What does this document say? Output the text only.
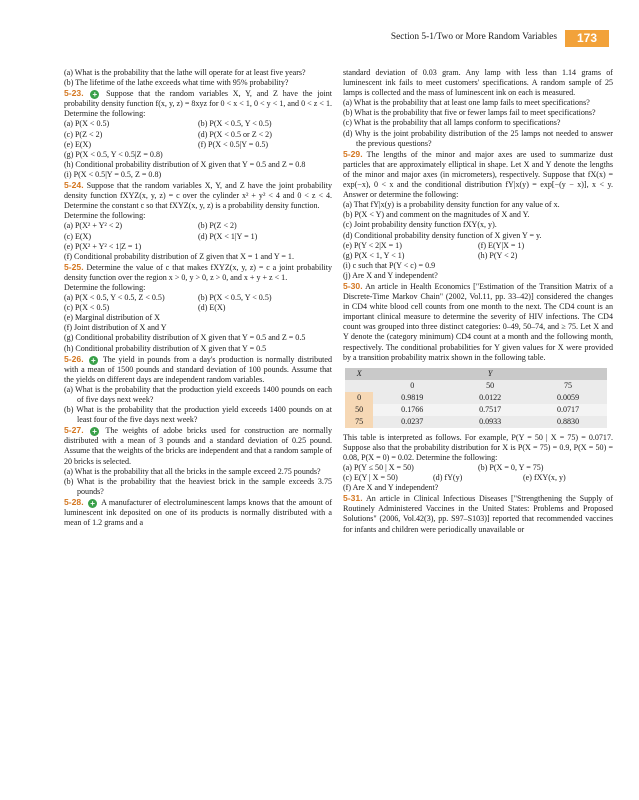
Section 5-1/Two or More Random Variables	173

(a) What is the probability that the lathe will operate for at least five years?

(b) The lifetime of the lathe exceeds what time with 95% probability?

5-23. + Suppose that the random variables X, Y, and Z have the joint probability density function f(x, y, z) = 8xyz for 0 < x < 1, 0 < y < 1, and 0 < z < 1. Determine the following:

(a) P(X < 0.5)	(b) P(X < 0.5, Y < 0.5)
(c) P(Z < 2)	(d) P(X < 0.5 or Z < 2)
(e) E(X)	(f) P(X < 0.5|Y = 0.5)

(g) P(X < 0.5, Y < 0.5|Z = 0.8)

(h) Conditional probability distribution of X given that Y = 0.5 and Z = 0.8

(i) P(X < 0.5|Y = 0.5, Z = 0.8)

5-24. Suppose that the random variables X, Y, and Z have the joint probability density function fXYZ(x, y, z) = c over the cylinder x² + y² < 4 and 0 < z < 4. Determine the constant c so that fXYZ(x, y, z) is a probability density function.

Determine the following:

(a) P(X² + Y² < 2)	(b) P(Z < 2)
(c) E(X)	(d) P(X < 1|Y = 1)

(e) P(X² + Y² < 1|Z = 1)

(f) Conditional probability distribution of Z given that X = 1 and Y = 1.

5-25. Determine the value of c that makes fXYZ(x, y, z) = c a joint probability density function over the region x > 0, y > 0, z > 0, and x + y + z < 1.

Determine the following:

(a) P(X < 0.5, Y < 0.5, Z < 0.5)	(b) P(X < 0.5, Y < 0.5)
(c) P(X < 0.5)	(d) E(X)

(e) Marginal distribution of X

(f) Joint distribution of X and Y

(g) Conditional probability distribution of X given that Y = 0.5 and Z = 0.5

(h) Conditional probability distribution of X given that Y = 0.5

5-26. + The yield in pounds from a day's production is normally distributed with a mean of 1500 pounds and standard deviation of 100 pounds. Assume that the yields on different days are independent random variables.

(a) What is the probability that the production yield exceeds 1400 pounds on each of five days next week?

(b) What is the probability that the production yield exceeds 1400 pounds on at least four of the five days next week?

5-27. + The weights of adobe bricks used for construction are normally distributed with a mean of 3 pounds and a standard deviation of 0.25 pound. Assume that the weights of the bricks are independent and that a random sample of 20 bricks is selected.

(a) What is the probability that all the bricks in the sample exceed 2.75 pounds?

(b) What is the probability that the heaviest brick in the sample exceeds 3.75 pounds?

5-28. + A manufacturer of electroluminescent lamps knows that the amount of luminescent ink deposited on one of its products is normally distributed with a mean of 1.2 grams and a

standard deviation of 0.03 gram. Any lamp with less than 1.14 grams of luminescent ink fails to meet customers' specifications. A random sample of 25 lamps is collected and the mass of luminescent ink on each is measured.

(a) What is the probability that at least one lamp fails to meet specifications?

(b) What is the probability that five or fewer lamps fail to meet specifications?

(c) What is the probability that all lamps conform to specifications?

(d) Why is the joint probability distribution of the 25 lamps not needed to answer the previous questions?

5-29. The lengths of the minor and major axes are used to summarize dust particles that are approximately elliptical in shape. Let X and Y denote the lengths of the minor and major axes (in micrometers), respectively. Suppose that fX(x) = exp(−x), 0 < x and the conditional distribution fY|x(y) = exp[−(y − x)], x < y. Answer or determine the following:

(a) That fY|x(y) is a probability density function for any value of x.

(b) P(X < Y) and comment on the magnitudes of X and Y.

(c) Joint probability density function fXY(x, y).

(d) Conditional probability density function of X given Y = y.

(e) P(Y < 2|X = 1)	(f) E(Y|X = 1)
(g) P(X < 1, Y < 1)	(h) P(Y < 2)

(i) c such that P(Y < c) = 0.9

(j) Are X and Y independent?

5-30. An article in Health Economics ["Estimation of the Transition Matrix of a Discrete-Time Markov Chain" (2002, Vol.11, pp. 33–42)] considered the changes in CD4 white blood cell counts from one month to the next. The CD4 count is an important clinical measure to determine the severity of HIV infections. The CD4 count was grouped into three distinct categories: 0–49, 50–74, and ≥ 75. Let X and Y denote the (category minimum) CD4 count at a month and the following month, respectively. The conditional probabilities for Y given values for X were provided by a transition probability matrix shown in the following table.

X	Y		
	0	50	75
0	0.9819	0.0122	0.0059
50	0.1766	0.7517	0.0717
75	0.0237	0.0933	0.8830

This table is interpreted as follows. For example, P(Y = 50 | X = 75) = 0.0717. Suppose also that the probability distribution for X is P(X = 75) = 0.9, P(X = 50) = 0.08, P(X = 0) = 0.02. Determine the following:

(a) P(Y ≤ 50 | X = 50)	(b) P(X = 0, Y = 75)
(c) E(Y | X = 50)	(d) fY(y)	(e) fXY(x, y)

(f) Are X and Y independent?

5-31. An article in Clinical Infectious Diseases ["Strengthening the Supply of Routinely Administered Vaccines in the United States: Problems and Proposed Solutions" (2006, Vol.42(3), pp. S97–S103)] reported that recommended vaccines for infants and children were periodically unavailable or
